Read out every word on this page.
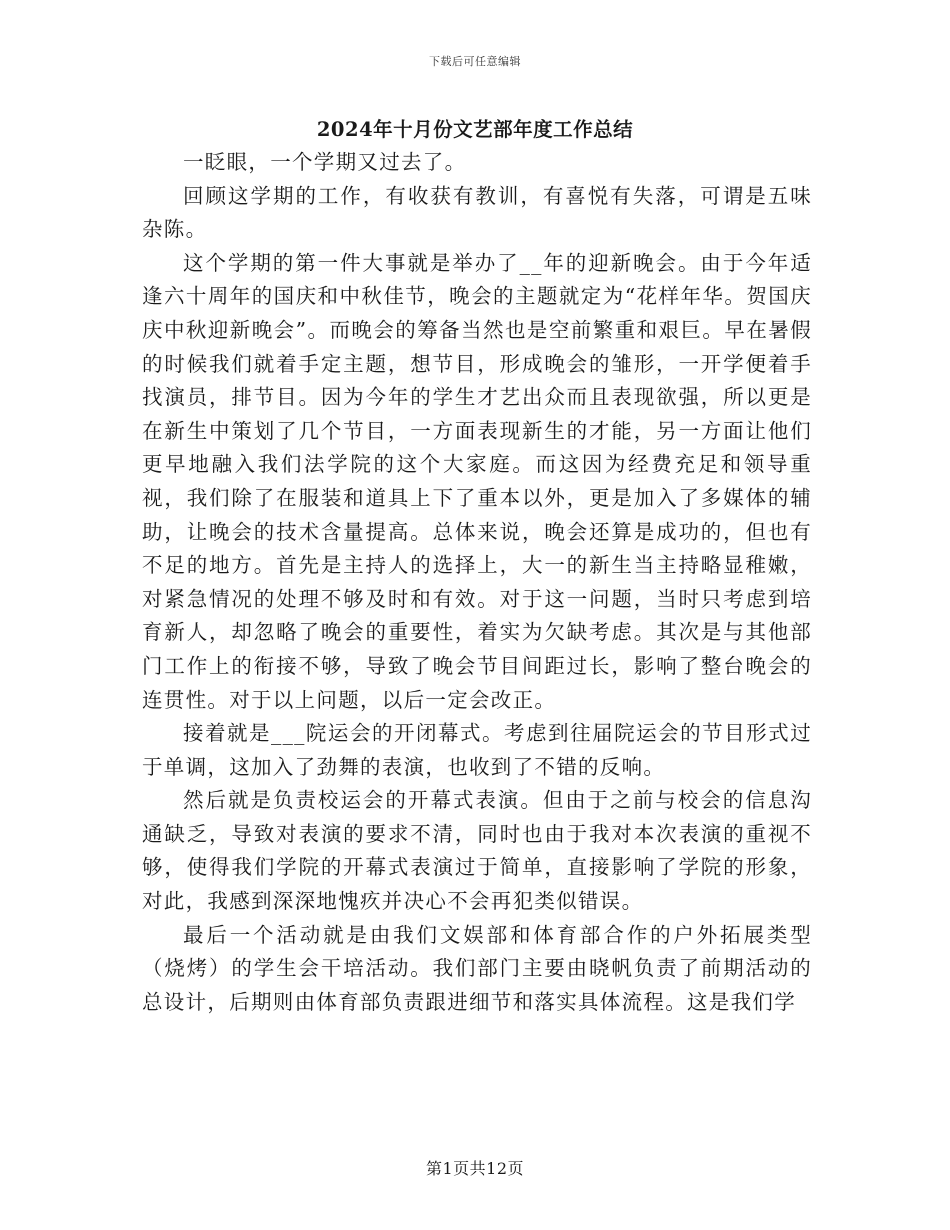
下载后可任意编辑
2024年十月份文艺部年度工作总结

一眨眼，一个学期又过去了。

回顾这学期的工作，有收获有教训，有喜悦有失落，可谓是五味杂陈。

这个学期的第一件大事就是举办了__年的迎新晚会。由于今年适逢六十周年的国庆和中秋佳节，晚会的主题就定为“花样年华。贺国庆庆中秋迎新晚会”。而晚会的筹备当然也是空前繁重和艰巨。早在暑假的时候我们就着手定主题，想节目，形成晚会的雏形，一开学便着手找演员，排节目。因为今年的学生才艺出众而且表现欲强，所以更是在新生中策划了几个节目，一方面表现新生的才能，另一方面让他们更早地融入我们法学院的这个大家庭。而这因为经费充足和领导重视，我们除了在服装和道具上下了重本以外，更是加入了多媒体的辅助，让晚会的技术含量提高。总体来说，晚会还算是成功的，但也有不足的地方。首先是主持人的选择上，大一的新生当主持略显稚嫩，对紧急情况的处理不够及时和有效。对于这一问题，当时只考虑到培育新人，却忽略了晚会的重要性，着实为欠缺考虑。其次是与其他部门工作上的衔接不够，导致了晚会节目间距过长，影响了整台晚会的连贯性。对于以上问题，以后一定会改正。

接着就是___院运会的开闭幕式。考虑到往届院运会的节目形式过于单调，这加入了劲舞的表演，也收到了不错的反响。

然后就是负责校运会的开幕式表演。但由于之前与校会的信息沟通缺乏，导致对表演的要求不清，同时也由于我对本次表演的重视不够，使得我们学院的开幕式表演过于简单，直接影响了学院的形象，对此，我感到深深地愧疚并决心不会再犯类似错误。

最后一个活动就是由我们文娱部和体育部合作的户外拓展类型（烧烤）的学生会干培活动。我们部门主要由晓帆负责了前期活动的总设计，后期则由体育部负责跟进细节和落实具体流程。这是我们学

第1页共12页
